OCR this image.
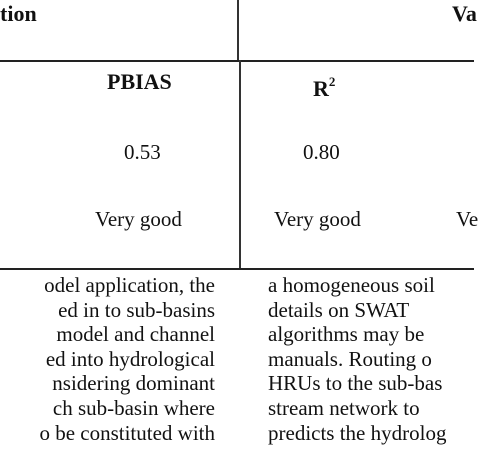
tion	Va
PBIAS	$R^2$
0.53	0.80
Very good	Very good	Ve
odel application, the
ed in to sub-basins
model and channel
ed into hydrological
nsidering dominant
ch sub-basin where
o be constituted with
a homogeneous soil
details on SWAT
algorithms may be
manuals. Routing o
HRUs to the sub-bas
stream network to
predicts the hydrolog
